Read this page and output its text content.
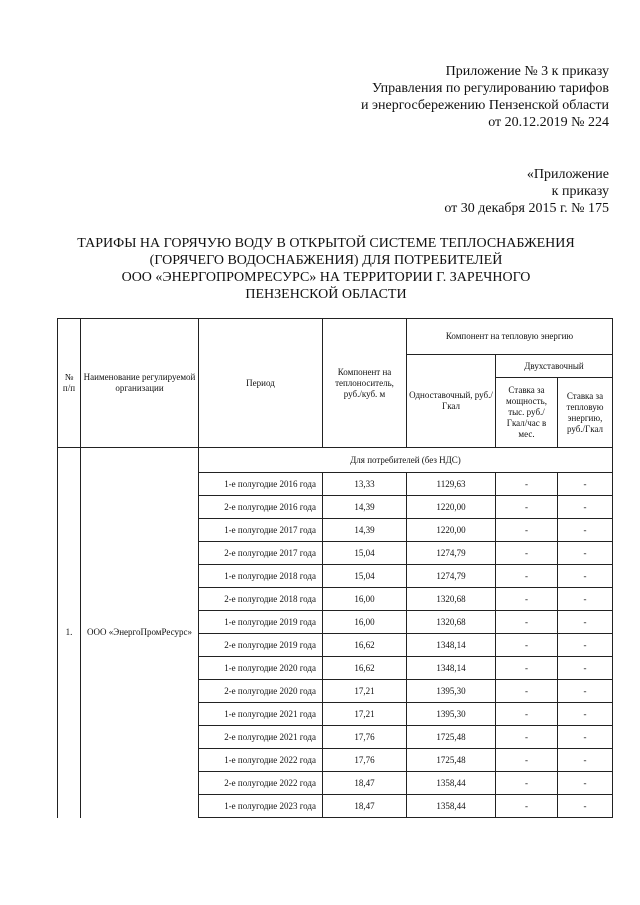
Приложение № 3 к приказу
Управления по регулированию тарифов
и энергосбережению Пензенской области
от 20.12.2019 № 224
«Приложение
к приказу
от 30 декабря 2015 г. № 175
ТАРИФЫ НА ГОРЯЧУЮ ВОДУ В ОТКРЫТОЙ СИСТЕМЕ ТЕПЛОСНАБЖЕНИЯ
(ГОРЯЧЕГО ВОДОСНАБЖЕНИЯ) ДЛЯ ПОТРЕБИТЕЛЕЙ
ООО «ЭНЕРГОПРОМРЕСУРС» НА ТЕРРИТОРИИ Г. ЗАРЕЧНОГО
ПЕНЗЕНСКОЙ ОБЛАСТИ
№ п/п	Наименование регулируемой организации	Период	Компонент на теплоноситель, руб./куб. м	Компонент на тепловую энергию		
				Одноставочный, руб./Гкал	Двухставочный	
					Ставка за мощность, тыс. руб./Гкал/час в мес.	Ставка за тепловую энергию, руб./Гкал
1.	ООО «ЭнергоПромРесурс»	Для потребителей (без НДС)				
		1-е полугодие 2016 года	13,33	1129,63	-	-
		2-е полугодие 2016 года	14,39	1220,00	-	-
		1-е полугодие 2017 года	14,39	1220,00	-	-
		2-е полугодие 2017 года	15,04	1274,79	-	-
		1-е полугодие 2018 года	15,04	1274,79	-	-
		2-е полугодие 2018 года	16,00	1320,68	-	-
		1-е полугодие 2019 года	16,00	1320,68	-	-
		2-е полугодие 2019 года	16,62	1348,14	-	-
		1-е полугодие 2020 года	16,62	1348,14	-	-
		2-е полугодие 2020 года	17,21	1395,30	-	-
		1-е полугодие 2021 года	17,21	1395,30	-	-
		2-е полугодие 2021 года	17,76	1725,48	-	-
		1-е полугодие 2022 года	17,76	1725,48	-	-
		2-е полугодие 2022 года	18,47	1358,44	-	-
		1-е полугодие 2023 года	18,47	1358,44	-	-
